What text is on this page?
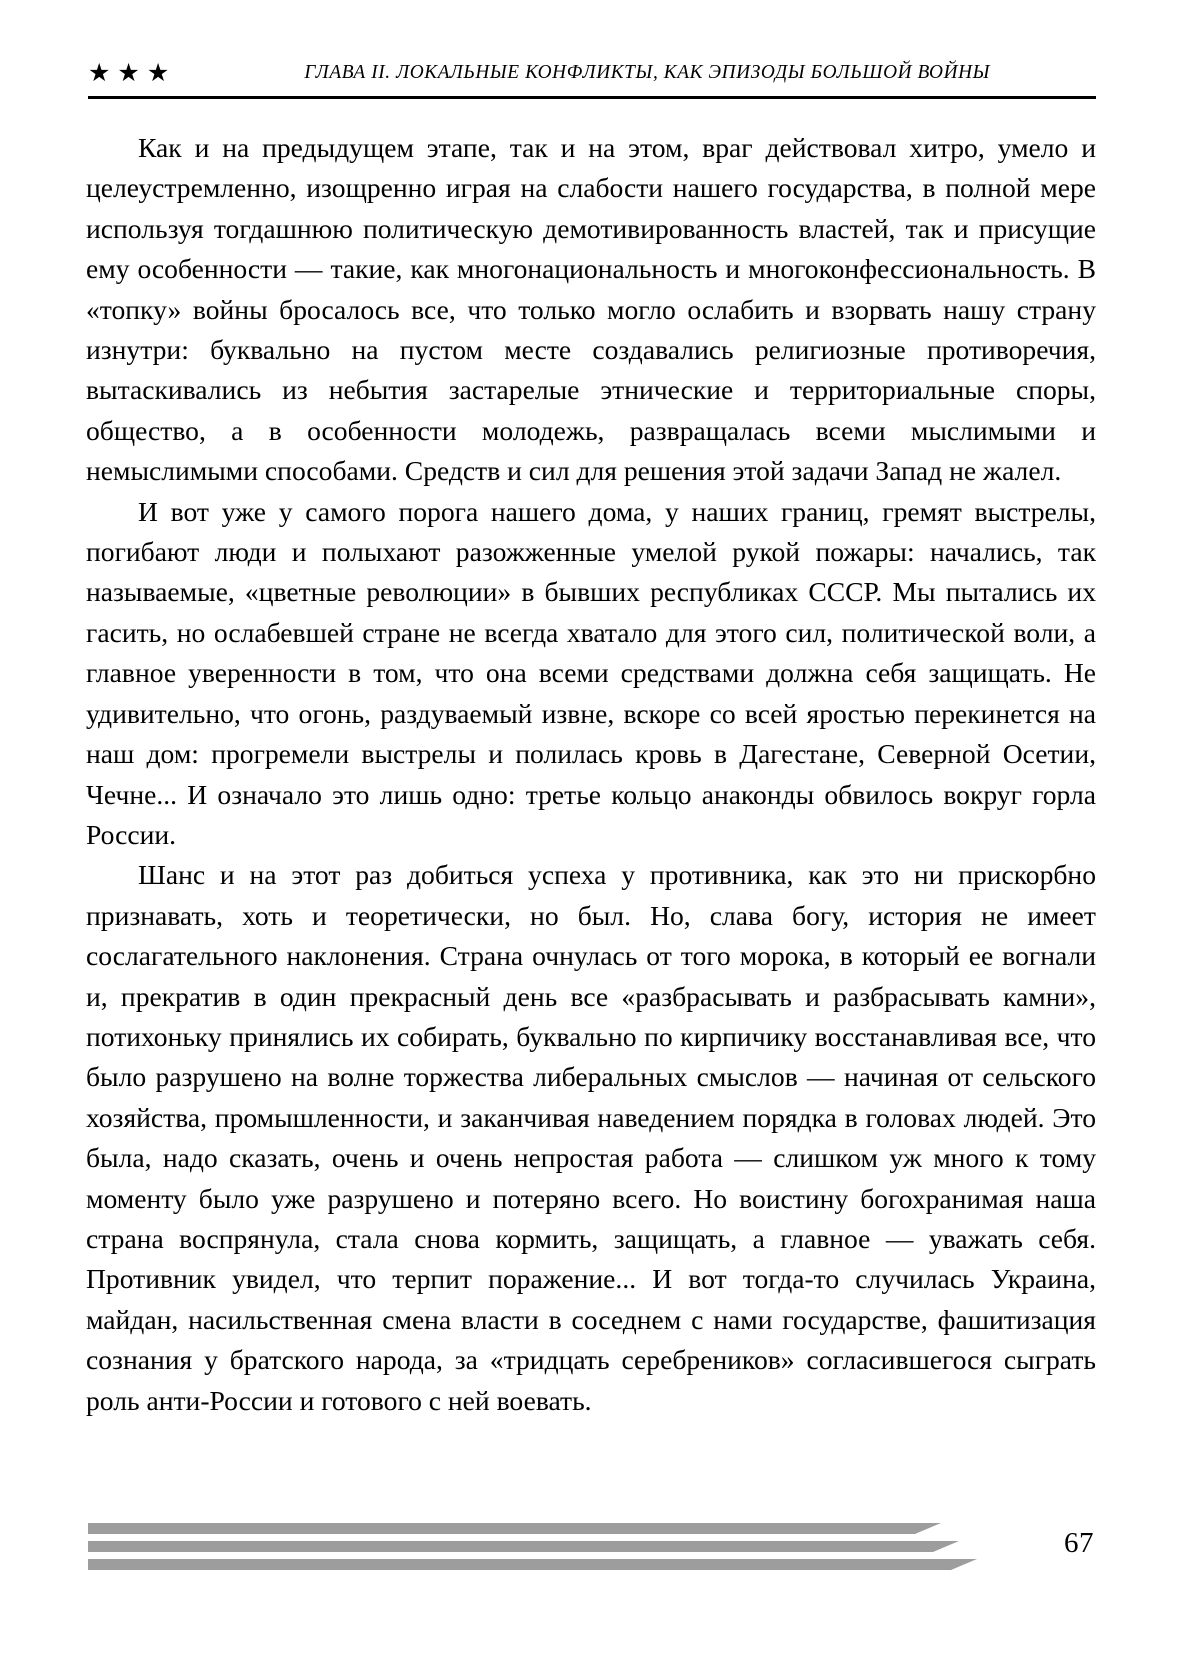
★ ★ ★	ГЛАВА II. ЛОКАЛЬНЫЕ КОНФЛИКТЫ, КАК ЭПИЗОДЫ БОЛЬШОЙ ВОЙНЫ

Как и на предыдущем этапе, так и на этом, враг действовал хитро, умело и целеустремленно, изощренно играя на слабости нашего государства, в полной мере используя тогдашнюю политическую демотивированность властей, так и присущие ему особенности — такие, как многонациональность и многоконфессиональность. В «топку» войны бросалось все, что только могло ослабить и взорвать нашу страну изнутри: буквально на пустом месте создавались религиозные противоречия, вытаскивались из небытия застарелые этнические и территориальные споры, общество, а в особенности молодежь, развращалась всеми мыслимыми и немыслимыми способами. Средств и сил для решения этой задачи Запад не жалел.

И вот уже у самого порога нашего дома, у наших границ, гремят выстрелы, погибают люди и полыхают разожженные умелой рукой пожары: начались, так называемые, «цветные революции» в бывших республиках СССР. Мы пытались их гасить, но ослабевшей стране не всегда хватало для этого сил, политической воли, а главное уверенности в том, что она всеми средствами должна себя защищать. Не удивительно, что огонь, раздуваемый извне, вскоре со всей яростью перекинется на наш дом: прогремели выстрелы и полилась кровь в Дагестане, Северной Осетии, Чечне... И означало это лишь одно: третье кольцо анаконды обвилось вокруг горла России.

Шанс и на этот раз добиться успеха у противника, как это ни прискорбно признавать, хоть и теоретически, но был. Но, слава богу, история не имеет сослагательного наклонения. Страна очнулась от того морока, в который ее вогнали и, прекратив в один прекрасный день все «разбрасывать и разбрасывать камни», потихоньку принялись их собирать, буквально по кирпичику восстанавливая все, что было разрушено на волне торжества либеральных смыслов — начиная от сельского хозяйства, промышленности, и заканчивая наведением порядка в головах людей. Это была, надо сказать, очень и очень непростая работа — слишком уж много к тому моменту было уже разрушено и потеряно всего. Но воистину богохранимая наша страна воспрянула, стала снова кормить, защищать, а главное — уважать себя. Противник увидел, что терпит поражение... И вот тогда-то случилась Украина, майдан, насильственная смена власти в соседнем с нами государстве, фашитизация сознания у братского народа, за «тридцать серебреников» согласившегося сыграть роль анти-России и готового с ней воевать.

67
